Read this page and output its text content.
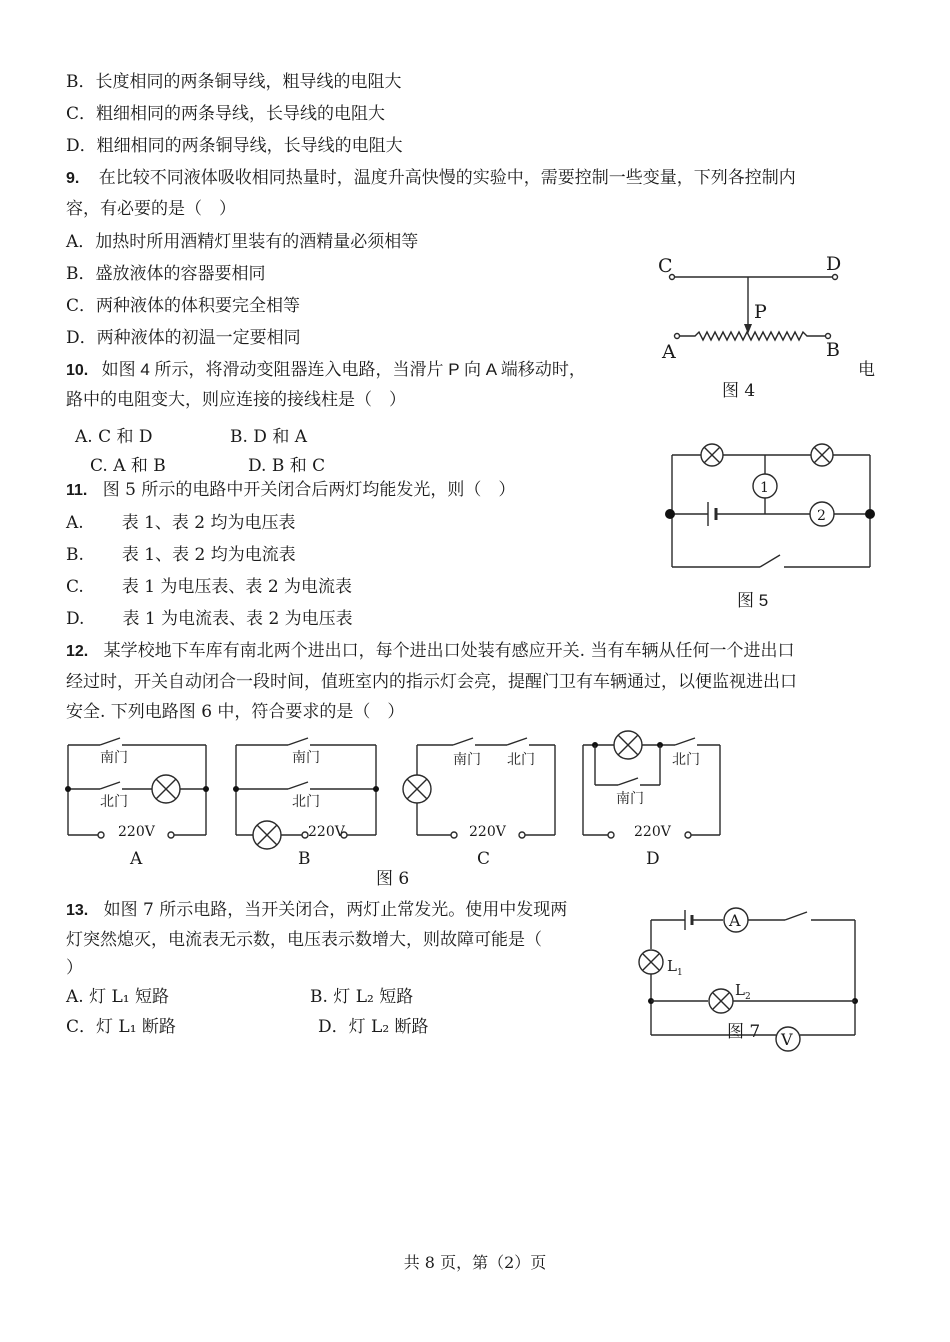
B．长度相同的两条铜导线，粗导线的电阻大
C．粗细相同的两条导线，长导线的电阻大
D．粗细相同的两条铜导线，长导线的电阻大
9. 在比较不同液体吸收相同热量时，温度升高快慢的实验中，需要控制一些变量，下列各控制内
容，有必要的是（　）
A．加热时所用酒精灯里装有的酒精量必须相等
B．盛放液体的容器要相同
C．两种液体的体积要完全相等
D．两种液体的初温一定要相同
10. 如图 4 所示，将滑动变阻器连入电路，当滑片 P 向 A 端移动时，	电
路中的电阻变大，则应连接的接线柱是（　）
A. C 和 D	B. D 和 A
C. A 和 B	D. B 和 C
C	D
P
A	B
图 4
11. 图 5 所示的电路中开关闭合后两灯均能发光，则（　）
A. 表 1、表 2 均为电压表
B. 表 1、表 2 均为电流表
C. 表 1 为电压表、表 2 为电流表
D. 表 1 为电流表、表 2 为电压表
1
2
图 5
12. 某学校地下车库有南北两个进出口，每个进出口处装有感应开关. 当有车辆从任何一个进出口
经过时，开关自动闭合一段时间，值班室内的指示灯会亮，提醒门卫有车辆通过，以便监视进出口
安全. 下列电路图 6 中，符合要求的是（　）
南门
北门
220V
A
南门
北门
220V
B
南门 北门
220V
C
北门
南门
220V
D
图 6
13. 如图 7 所示电路，当开关闭合，两灯止常发光。使用中发现两
灯突然熄灭，电流表无示数，电压表示数增大，则故障可能是（
）
A. 灯 L₁ 短路	B. 灯 L₂ 短路
C．灯 L₁ 断路	D．灯 L₂ 断路
A
L 1
L 2
V
图 7
共 8 页，第（2）页
